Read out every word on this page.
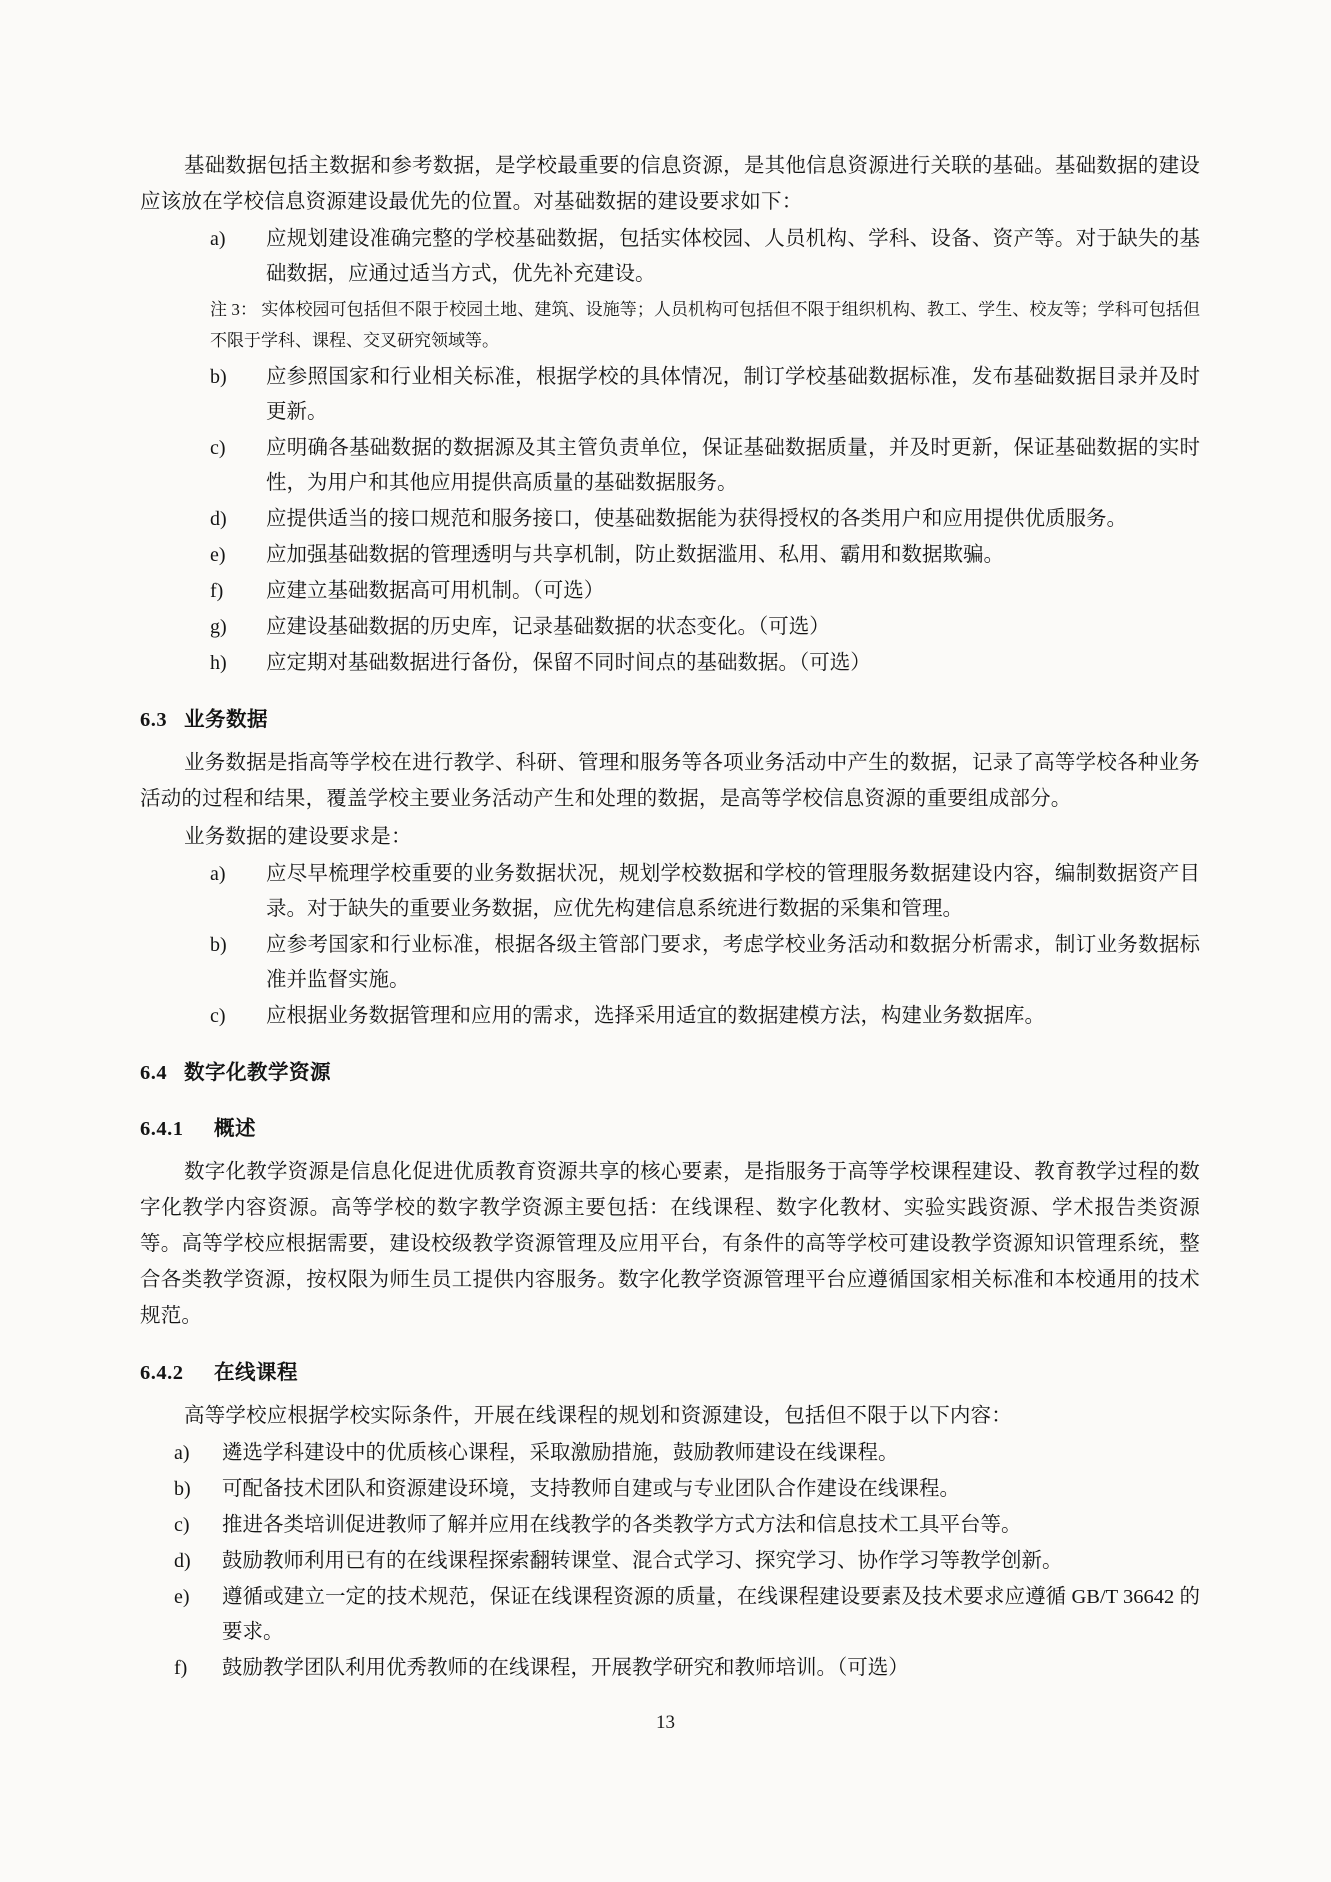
基础数据包括主数据和参考数据，是学校最重要的信息资源，是其他信息资源进行关联的基础。基础数据的建设应该放在学校信息资源建设最优先的位置。对基础数据的建设要求如下：

a)	应规划建设准确完整的学校基础数据，包括实体校园、人员机构、学科、设备、资产等。对于缺失的基础数据，应通过适当方式，优先补充建设。

注 3： 实体校园可包括但不限于校园土地、建筑、设施等；人员机构可包括但不限于组织机构、教工、学生、校友等；学科可包括但不限于学科、课程、交叉研究领域等。

b)	应参照国家和行业相关标准，根据学校的具体情况，制订学校基础数据标准，发布基础数据目录并及时更新。
c)	应明确各基础数据的数据源及其主管负责单位，保证基础数据质量，并及时更新，保证基础数据的实时性，为用户和其他应用提供高质量的基础数据服务。
d)	应提供适当的接口规范和服务接口，使基础数据能为获得授权的各类用户和应用提供优质服务。
e)	应加强基础数据的管理透明与共享机制，防止数据滥用、私用、霸用和数据欺骗。
f)	应建立基础数据高可用机制。（可选）
g)	应建设基础数据的历史库，记录基础数据的状态变化。（可选）
h)	应定期对基础数据进行备份，保留不同时间点的基础数据。（可选）
6.3 业务数据

业务数据是指高等学校在进行教学、科研、管理和服务等各项业务活动中产生的数据，记录了高等学校各种业务活动的过程和结果，覆盖学校主要业务活动产生和处理的数据，是高等学校信息资源的重要组成部分。

业务数据的建设要求是：

a)	应尽早梳理学校重要的业务数据状况，规划学校数据和学校的管理服务数据建设内容，编制数据资产目录。对于缺失的重要业务数据，应优先构建信息系统进行数据的采集和管理。
b)	应参考国家和行业标准，根据各级主管部门要求，考虑学校业务活动和数据分析需求，制订业务数据标准并监督实施。
c)	应根据业务数据管理和应用的需求，选择采用适宜的数据建模方法，构建业务数据库。
6.4 数字化教学资源
6.4.1 概述

数字化教学资源是信息化促进优质教育资源共享的核心要素，是指服务于高等学校课程建设、教育教学过程的数字化教学内容资源。高等学校的数字教学资源主要包括：在线课程、数字化教材、实验实践资源、学术报告类资源等。高等学校应根据需要，建设校级教学资源管理及应用平台，有条件的高等学校可建设教学资源知识管理系统，整合各类教学资源，按权限为师生员工提供内容服务。数字化教学资源管理平台应遵循国家相关标准和本校通用的技术规范。

6.4.2 在线课程

高等学校应根据学校实际条件，开展在线课程的规划和资源建设，包括但不限于以下内容：

a)	遴选学科建设中的优质核心课程，采取激励措施，鼓励教师建设在线课程。
b)	可配备技术团队和资源建设环境，支持教师自建或与专业团队合作建设在线课程。
c)	推进各类培训促进教师了解并应用在线教学的各类教学方式方法和信息技术工具平台等。
d)	鼓励教师利用已有的在线课程探索翻转课堂、混合式学习、探究学习、协作学习等教学创新。
e)	遵循或建立一定的技术规范，保证在线课程资源的质量，在线课程建设要素及技术要求应遵循 GB/T 36642 的要求。
f)	鼓励教学团队利用优秀教师的在线课程，开展教学研究和教师培训。（可选）
13
